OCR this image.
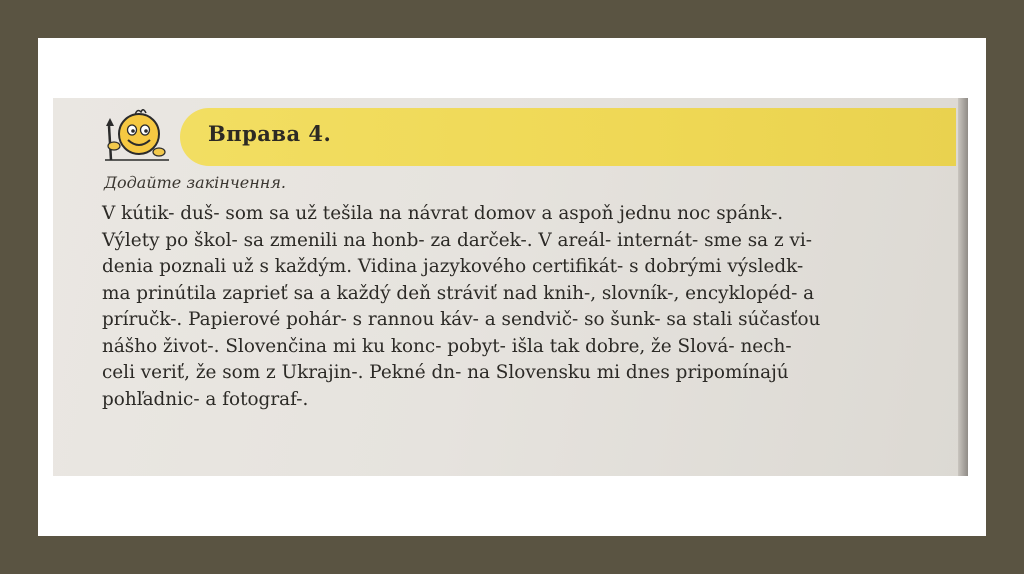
Вправа 4.
Додайте закінчення.

V kútik- duš- som sa už tešila na návrat domov a aspoň jednu noc spánk-.
Výlety po škol- sa zmenili na honb- za darček-. V areál- internát- sme sa z vi-
denia poznali už s každým. Vidina jazykového certifikát- s dobrými výsledk-
ma prinútila zaprieť sa a každý deň stráviť nad knih-, slovník-, encyklopéd- a
príručk-. Papierové pohár- s rannou káv- a sendvič- so šunk- sa stali súčasťou
nášho život-. Slovenčina mi ku konc- pobyt- išla tak dobre, že Slová- nech-
celi veriť, že som z Ukrajin-. Pekné dn- na Slovensku mi dnes pripomínajú
pohľadnic- a fotograf-.
